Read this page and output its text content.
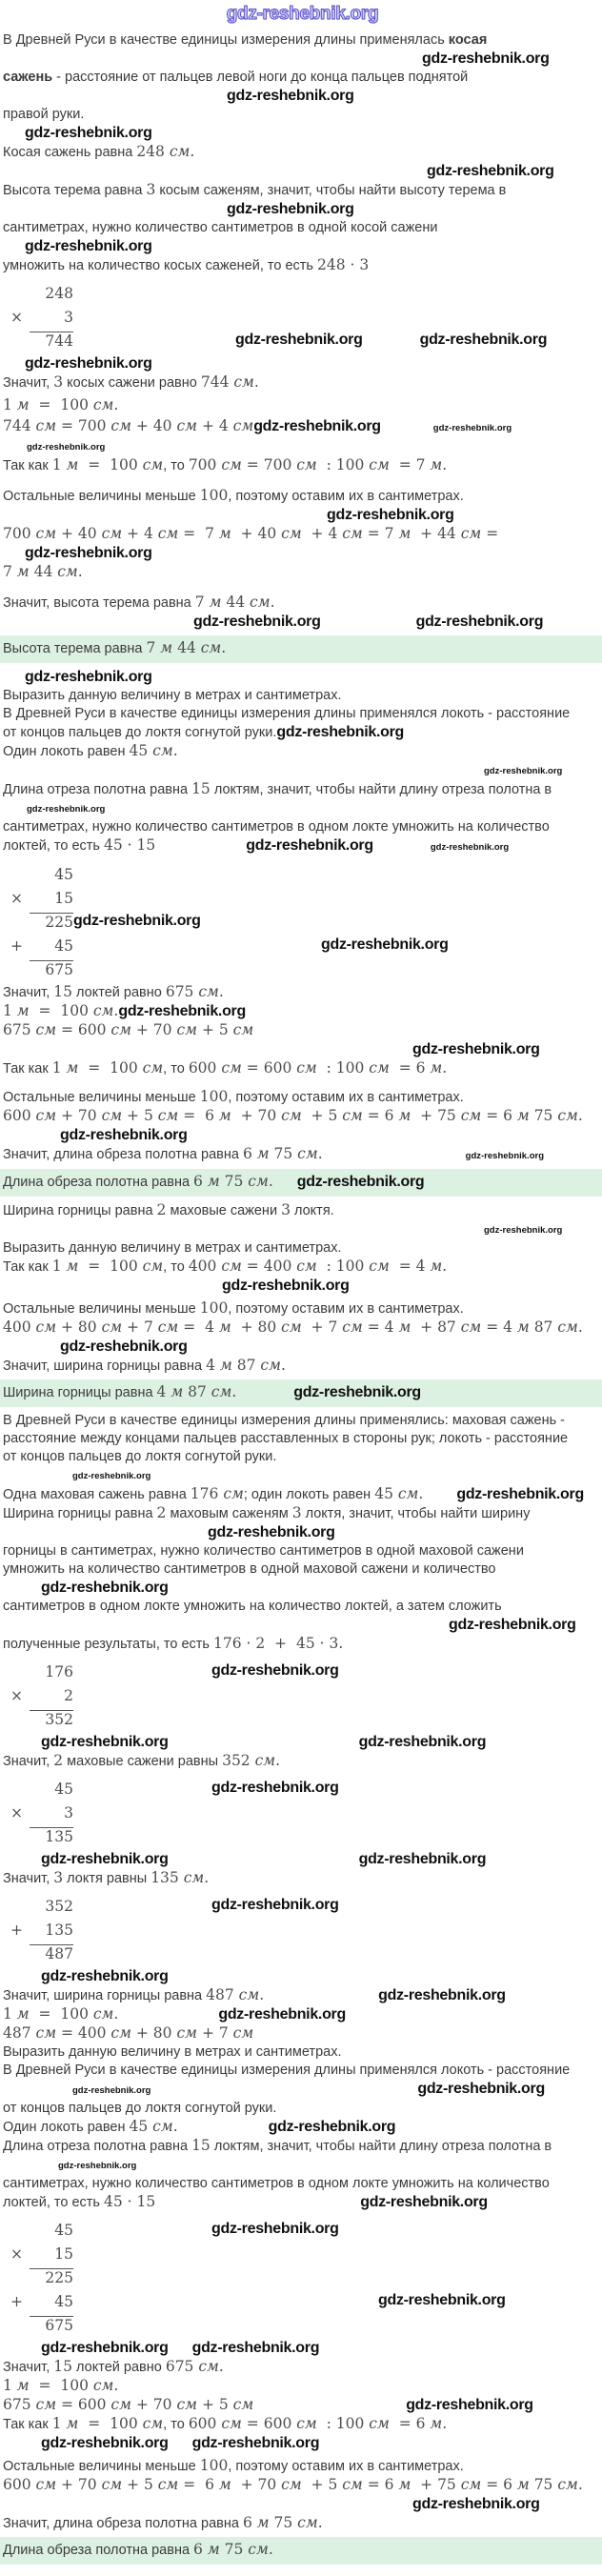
gdz-reshebnik.org
В Древней Руси в качестве единицы измерения длины применялась косая
gdz-reshebnik.org
сажень - расстояние от пальцев левой ноги до конца пальцев поднятой
gdz-reshebnik.org
правой руки.
gdz-reshebnik.org
Косая сажень равна 248 см.
gdz-reshebnik.org
Высота терема равна 3 косым саженям, значит, чтобы найти высоту терема в
gdz-reshebnik.org
сантиметрах, нужно количество сантиметров в одной косой сажени
gdz-reshebnik.org
умножить на количество косых саженей, то есть 248 · 3
248
×	3
744	gdz-reshebnik.org	gdz-reshebnik.org
gdz-reshebnik.org
Значит, 3 косых сажени равно 744 см.
1 м  =  100 см.
744 см = 700 см + 40 см + 4 смgdz-reshebnik.org	gdz-reshebnik.org
gdz-reshebnik.org
Так как 1 м  =  100 см, то 700 см = 700 см  : 100 см  = 7 м.
Остальные величины меньше 100, поэтому оставим их в сантиметрах.
gdz-reshebnik.org
700 см + 40 см + 4 см =  7 м  + 40 см  + 4 см = 7 м  + 44 см =
gdz-reshebnik.org
7 м 44 см.
Значит, высота терема равна 7 м 44 см.
gdz-reshebnik.org	gdz-reshebnik.org
Высота терема равна 7 м 44 см.
gdz-reshebnik.org
Выразить данную величину в метрах и сантиметрах.
В Древней Руси в качестве единицы измерения длины применялся локоть - расстояние
от концов пальцев до локтя согнутой руки.gdz-reshebnik.org
Один локоть равен 45 см.
gdz-reshebnik.org
Длина отреза полотна равна 15 локтям, значит, чтобы найти длину отреза полотна в
gdz-reshebnik.org
сантиметрах, нужно количество сантиметров в одном локте умножить на количество
локтей, то есть 45 · 15	gdz-reshebnik.org	gdz-reshebnik.org
45
×	15
225 gdz-reshebnik.org
+	45	gdz-reshebnik.org
675
Значит, 15 локтей равно 675 см.
1 м  =  100 см.gdz-reshebnik.org
675 см = 600 см + 70 см + 5 см
gdz-reshebnik.org
Так как 1 м  =  100 см, то 600 см = 600 см  : 100 см  = 6 м.
Остальные величины меньше 100, поэтому оставим их в сантиметрах.
600 см + 70 см + 5 см =  6 м  + 70 см  + 5 см = 6 м  + 75 см = 6 м 75 см.
gdz-reshebnik.org
Значит, длина обреза полотна равна 6 м 75 см.	gdz-reshebnik.org
Длина обреза полотна равна 6 м 75 см. gdz-reshebnik.org
Ширина горницы равна 2 маховые сажени 3 локтя.
gdz-reshebnik.org
Выразить данную величину в метрах и сантиметрах.
Так как 1 м  =  100 см, то 400 см = 400 см  : 100 см  = 4 м.
gdz-reshebnik.org
Остальные величины меньше 100, поэтому оставим их в сантиметрах.
400 см + 80 см + 7 см =  4 м  + 80 см  + 7 см = 4 м  + 87 см = 4 м 87 см.
gdz-reshebnik.org
Значит, ширина горницы равна 4 м 87 см.
Ширина горницы равна 4 м 87 см.	gdz-reshebnik.org
В Древней Руси в качестве единицы измерения длины применялись: маховая сажень -
расстояние между концами пальцев расставленных в стороны рук; локоть - расстояние
от концов пальцев до локтя согнутой руки.
gdz-reshebnik.org
Одна маховая сажень равна 176 см; один локоть равен 45 см. gdz-reshebnik.org
Ширина горницы равна 2 маховым саженям 3 локтя, значит, чтобы найти ширину
gdz-reshebnik.org
горницы в сантиметрах, нужно количество сантиметров в одной маховой сажени
умножить на количество сантиметров в одной маховой сажени и количество
gdz-reshebnik.org
сантиметров в одном локте умножить на количество локтей, а затем сложить
gdz-reshebnik.org
полученные результаты, то есть 176 · 2  +  45 · 3.
176	gdz-reshebnik.org
×	2
352
gdz-reshebnik.org	gdz-reshebnik.org
Значит, 2 маховые сажени равны 352 см.
45	gdz-reshebnik.org
×	3
135
gdz-reshebnik.org	gdz-reshebnik.org
Значит, 3 локтя равны 135 см.
352	gdz-reshebnik.org
+	135
487
gdz-reshebnik.org
Значит, ширина горницы равна 487 см.	gdz-reshebnik.org
1 м  =  100 см.	gdz-reshebnik.org
487 см = 400 см + 80 см + 7 см
Выразить данную величину в метрах и сантиметрах.
В Древней Руси в качестве единицы измерения длины применялся локоть - расстояние
gdz-reshebnik.org	gdz-reshebnik.org
от концов пальцев до локтя согнутой руки.
Один локоть равен 45 см.	gdz-reshebnik.org
Длина отреза полотна равна 15 локтям, значит, чтобы найти длину отреза полотна в
gdz-reshebnik.org
сантиметрах, нужно количество сантиметров в одном локте умножить на количество
локтей, то есть 45 · 15	gdz-reshebnik.org
45	gdz-reshebnik.org
×	15
225
+	45	gdz-reshebnik.org
675
gdz-reshebnik.org gdz-reshebnik.org
Значит, 15 локтей равно 675 см.
1 м  =  100 см.
675 см = 600 см + 70 см + 5 см	gdz-reshebnik.org
Так как 1 м  =  100 см, то 600 см = 600 см  : 100 см  = 6 м.
gdz-reshebnik.org gdz-reshebnik.org
Остальные величины меньше 100, поэтому оставим их в сантиметрах.
600 см + 70 см + 5 см =  6 м  + 70 см  + 5 см = 6 м  + 75 см = 6 м 75 см.
gdz-reshebnik.org
Значит, длина обреза полотна равна 6 м 75 см.
Длина обреза полотна равна 6 м 75 см.
